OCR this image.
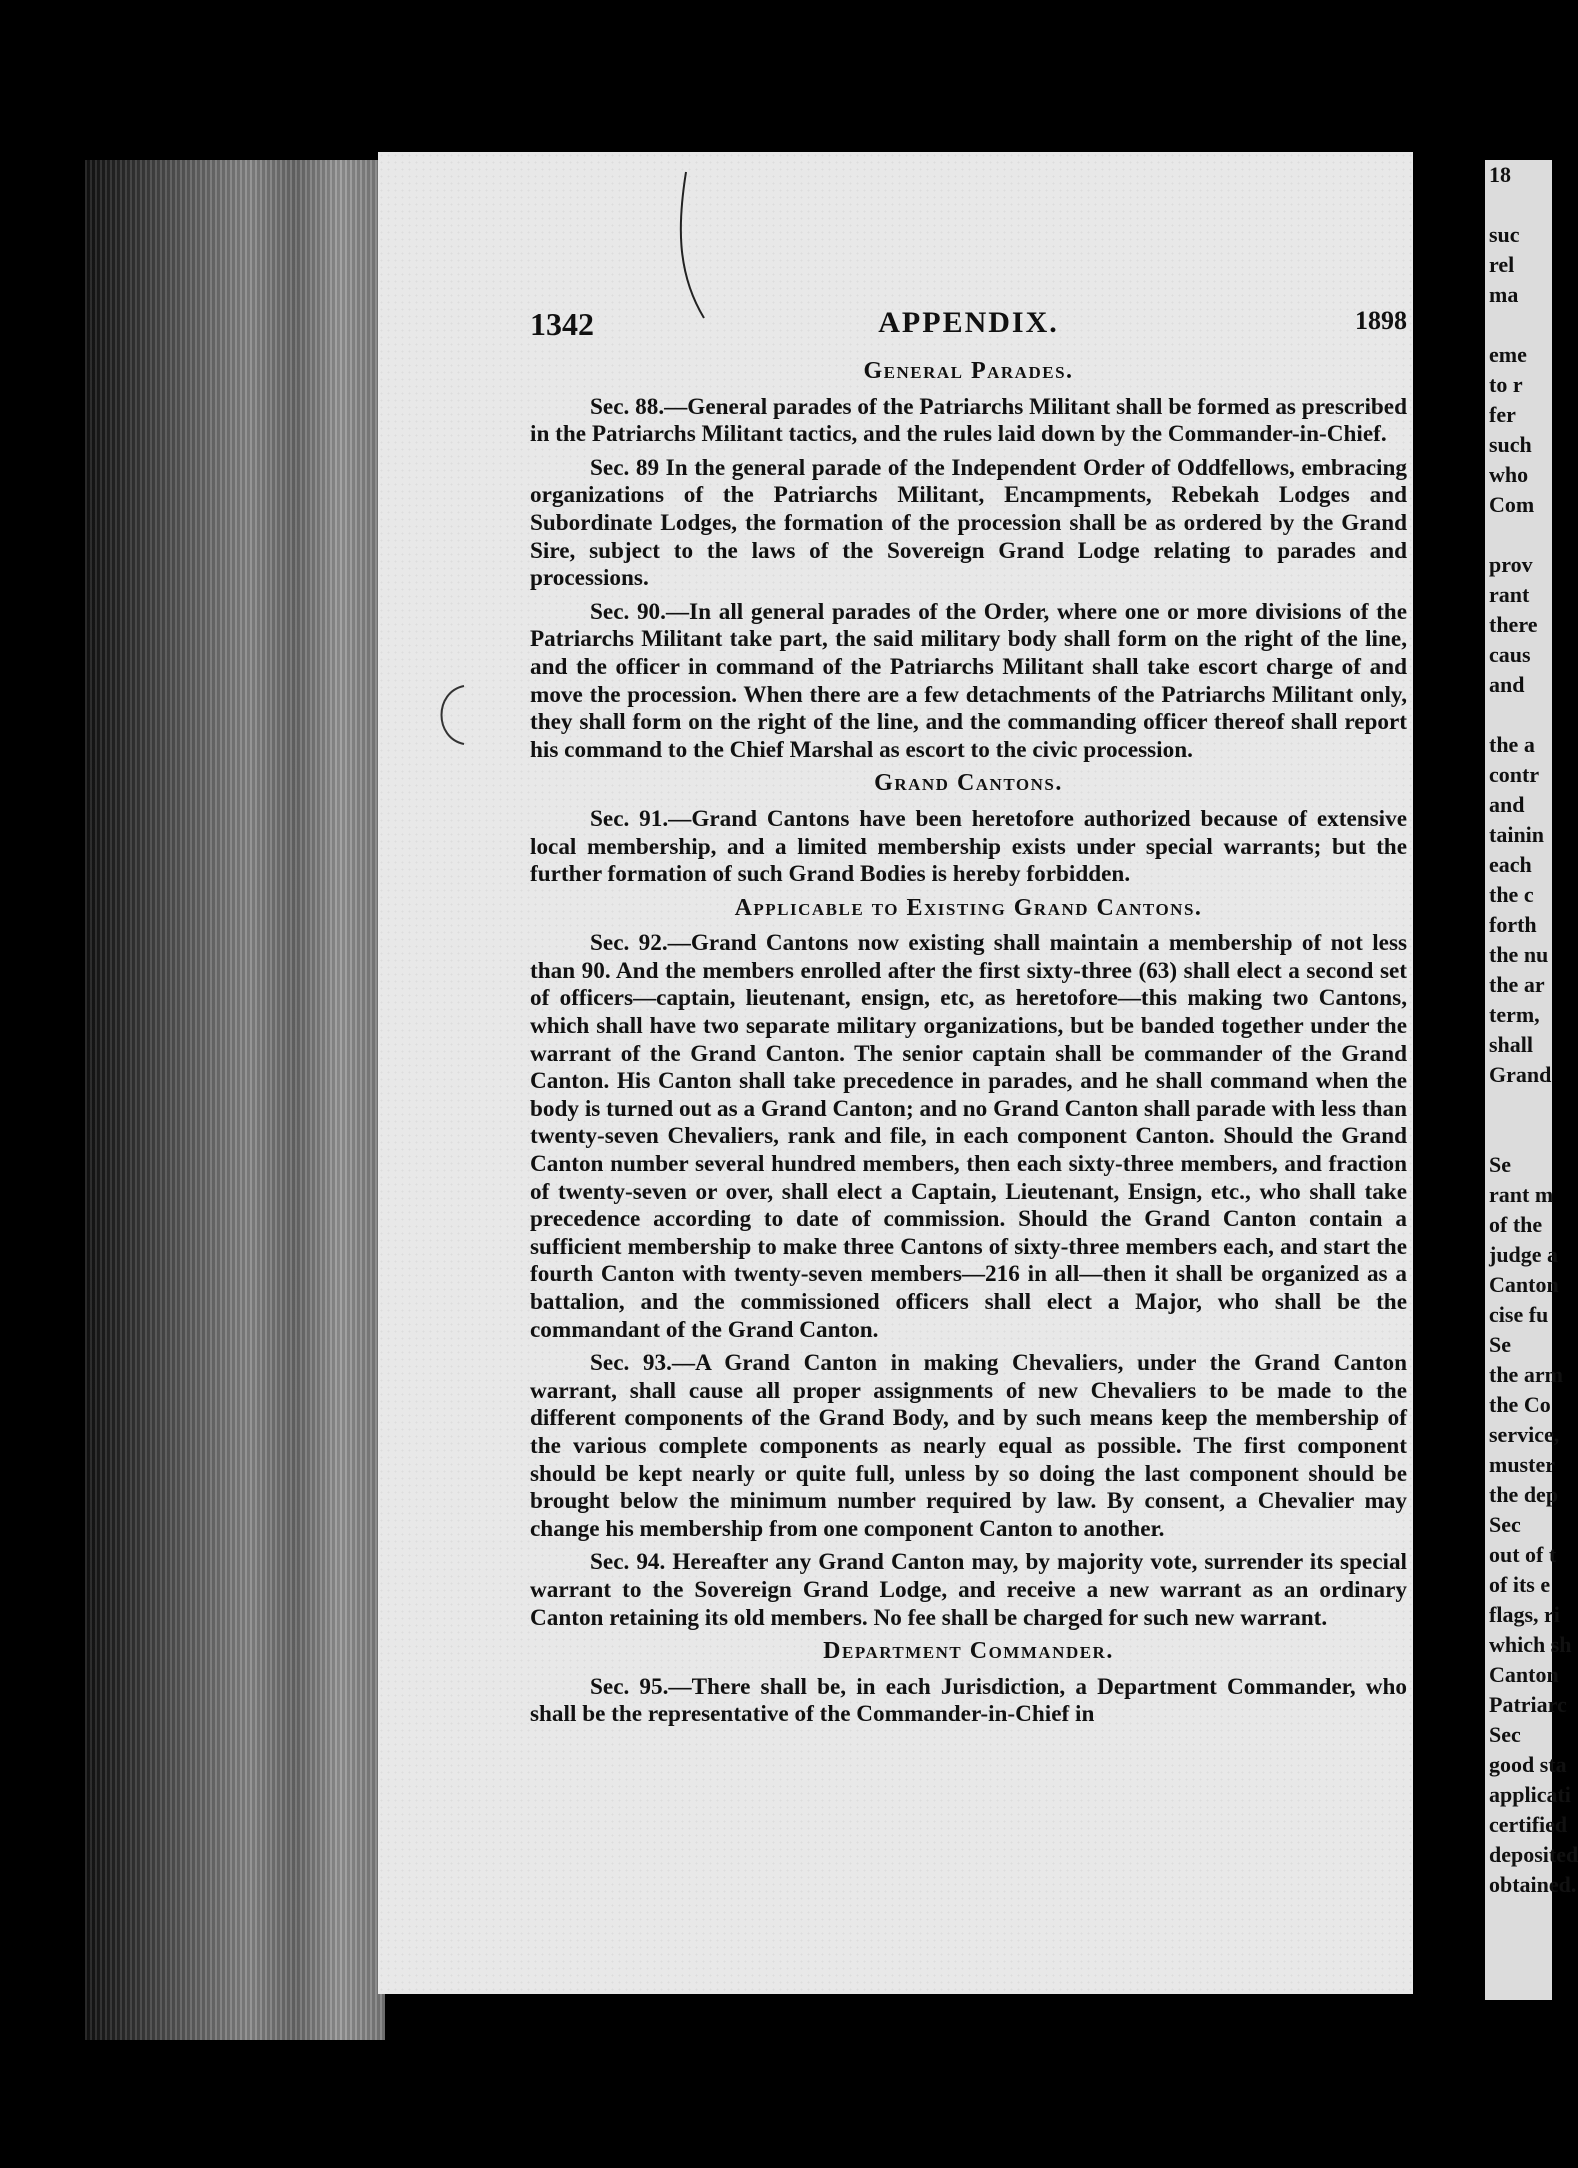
1342	APPENDIX.	1898
General Parades.

Sec. 88.—General parades of the Patriarchs Militant shall be formed as prescribed in the Patriarchs Militant tactics, and the rules laid down by the Commander-in-Chief.

Sec. 89 In the general parade of the Independent Order of Oddfellows, embracing organizations of the Patriarchs Militant, Encampments, Rebekah Lodges and Subordinate Lodges, the formation of the procession shall be as ordered by the Grand Sire, subject to the laws of the Sovereign Grand Lodge relating to parades and processions.

Sec. 90.—In all general parades of the Order, where one or more divisions of the Patriarchs Militant take part, the said military body shall form on the right of the line, and the officer in command of the Patriarchs Militant shall take escort charge of and move the procession. When there are a few detachments of the Patriarchs Militant only, they shall form on the right of the line, and the commanding officer thereof shall report his command to the Chief Marshal as escort to the civic procession.

Grand Cantons.

Sec. 91.—Grand Cantons have been heretofore authorized because of extensive local membership, and a limited membership exists under special warrants; but the further formation of such Grand Bodies is hereby forbidden.

Applicable to Existing Grand Cantons.

Sec. 92.—Grand Cantons now existing shall maintain a membership of not less than 90. And the members enrolled after the first sixty-three (63) shall elect a second set of officers—captain, lieutenant, ensign, etc, as heretofore—this making two Cantons, which shall have two separate military organizations, but be banded together under the warrant of the Grand Canton. The senior captain shall be commander of the Grand Canton. His Canton shall take precedence in parades, and he shall command when the body is turned out as a Grand Canton; and no Grand Canton shall parade with less than twenty-seven Chevaliers, rank and file, in each component Canton. Should the Grand Canton number several hundred members, then each sixty-three members, and fraction of twenty-seven or over, shall elect a Captain, Lieutenant, Ensign, etc., who shall take precedence according to date of commission. Should the Grand Canton contain a sufficient membership to make three Cantons of sixty-three members each, and start the fourth Canton with twenty-seven members—216 in all—then it shall be organized as a battalion, and the commissioned officers shall elect a Major, who shall be the commandant of the Grand Canton.

Sec. 93.—A Grand Canton in making Chevaliers, under the Grand Canton warrant, shall cause all proper assignments of new Chevaliers to be made to the different components of the Grand Body, and by such means keep the membership of the various complete components as nearly equal as possible. The first component should be kept nearly or quite full, unless by so doing the last component should be brought below the minimum number required by law. By consent, a Chevalier may change his membership from one component Canton to another.

Sec. 94. Hereafter any Grand Canton may, by majority vote, surrender its special warrant to the Sovereign Grand Lodge, and receive a new warrant as an ordinary Canton retaining its old members. No fee shall be charged for such new warrant.

Department Commander.

Sec. 95.—There shall be, in each Jurisdiction, a Department Commander, who shall be the representative of the Commander-in-Chief in

18

suc
rel
ma

eme
to r
fer
such
who
Com

prov
rant
there
caus
and

the a
contr
and
tainin
each
the c
forth
the nu
the ar
term,
shall
Grand

Se
rant m
of the
judge a
Canton
cise fu
Se
the arm
the Co
service,
muster
the dep
Sec
out of t
of its e
flags, ri
which sh
Canton
Patriarc
Sec
good sta
applicati
certified
deposited
obtained.
